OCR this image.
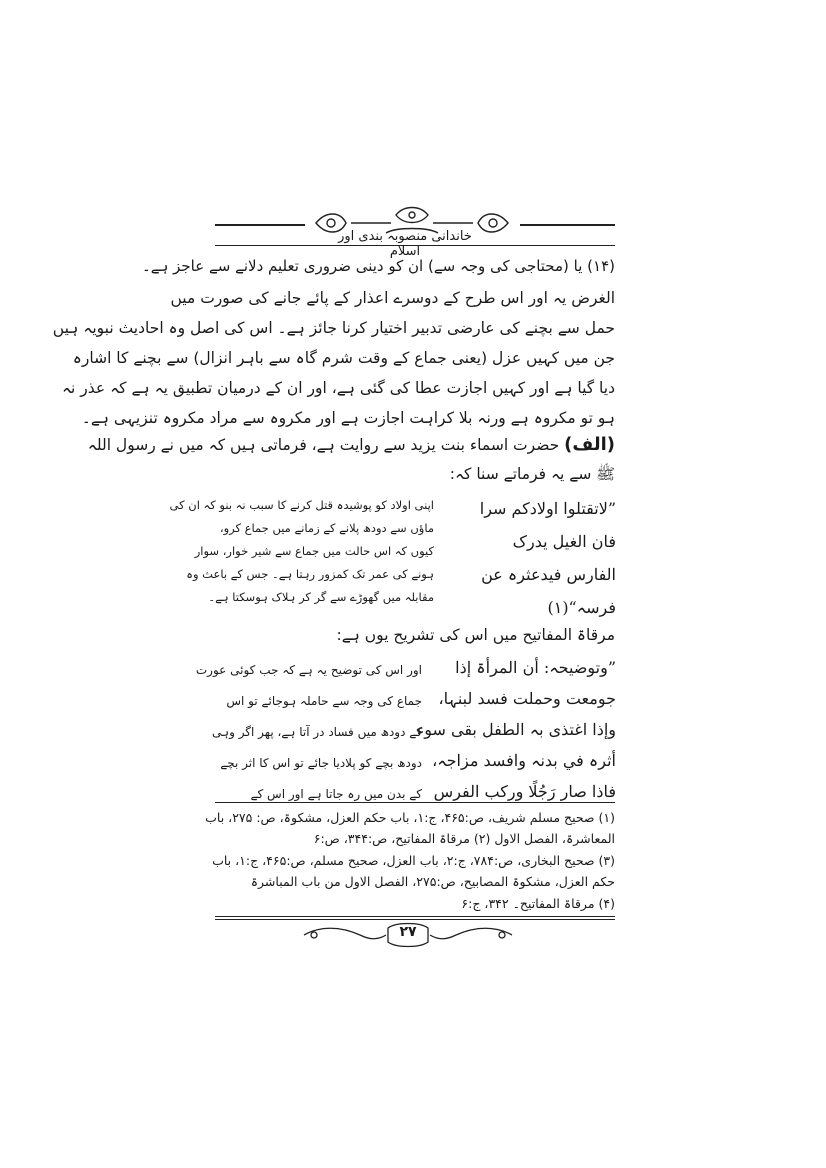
خاندانی منصوبہ بندی اور اسلام
(۱۴) یا (محتاجی کی وجہ سے) ان کو دینی ضروری تعلیم دلانے سے عاجز ہے۔
الغرض یہ اور اس طرح کے دوسرے اعذار کے پائے جانے کی صورت میں
حمل سے بچنے کی عارضی تدبیر اختیار کرنا جائز ہے۔ اس کی اصل وہ احادیث نبویہ ہیں
جن میں کہیں عزل (یعنی جماع کے وقت شرم گاہ سے باہر انزال) سے بچنے کا اشارہ
دیا گیا ہے اور کہیں اجازت عطا کی گئی ہے، اور ان کے درمیان تطبیق یہ ہے کہ عذر نہ
ہو تو مکروہ ہے ورنہ بلا کراہت اجازت ہے اور مکروہ سے مراد مکروہ تنزیہی ہے۔
(الف) حضرت اسماء بنت یزید سے روایت ہے، فرماتی ہیں کہ میں نے رسول اللہ
ﷺ سے یہ فرماتے سنا کہ:
”لاتقتلوا اولادکم سرا
فان الغیل یدرک
الفارس فیدعثرہ عن
فرسہ“(۱)
اپنی اولاد کو پوشیدہ قتل کرنے کا سبب نہ بنو کہ ان کی
ماؤں سے دودھ پلانے کے زمانے میں جماع کرو،
کیوں کہ اس حالت میں جماع سے شیر خوار، سوار
ہونے کی عمر تک کمزور رہتا ہے۔ جس کے باعث وہ
مقابلہ میں گھوڑے سے گر کر ہلاک ہوسکتا ہے۔
مرقاۃ المفاتیح میں اس کی تشریح یوں ہے:
”وتوضیحہ: أن المرأۃ إذا
جومعت وحملت فسد لبنہا،
وإذا اغتذی بہ الطفل بقی سوء
أثرہ في بدنہ وافسد مزاجہ،
فاذا صار رَجُلًا ورکب الفرس
اور اس کی توضیح یہ ہے کہ جب کوئی عورت
جماع کی وجہ سے حاملہ ہوجائے تو اس
کے دودھ میں فساد در آتا ہے، پھر اگر وہی
دودھ بچے کو پلادیا جائے تو اس کا اثر بچے
کے بدن میں رہ جاتا ہے اور اس کے
(۱) صحیح مسلم شریف، ص:۴۶۵، ج:۱، باب حکم العزل، مشکوۃ، ص: ۲۷۵، باب
المعاشرۃ، الفصل الاول (۲) مرقاۃ المفاتیح، ص:۳۴۴، ص:۶
(۳) صحیح البخاری، ص:۷۸۴، ج:۲، باب العزل، صحیح مسلم، ص:۴۶۵، ج:۱، باب
حکم العزل، مشکوۃ المصابیح، ص:۲۷۵، الفصل الاول من باب المباشرۃ
(۴) مرقاۃ المفاتیح۔ ۳۴۲، ج:۶
۲۷
